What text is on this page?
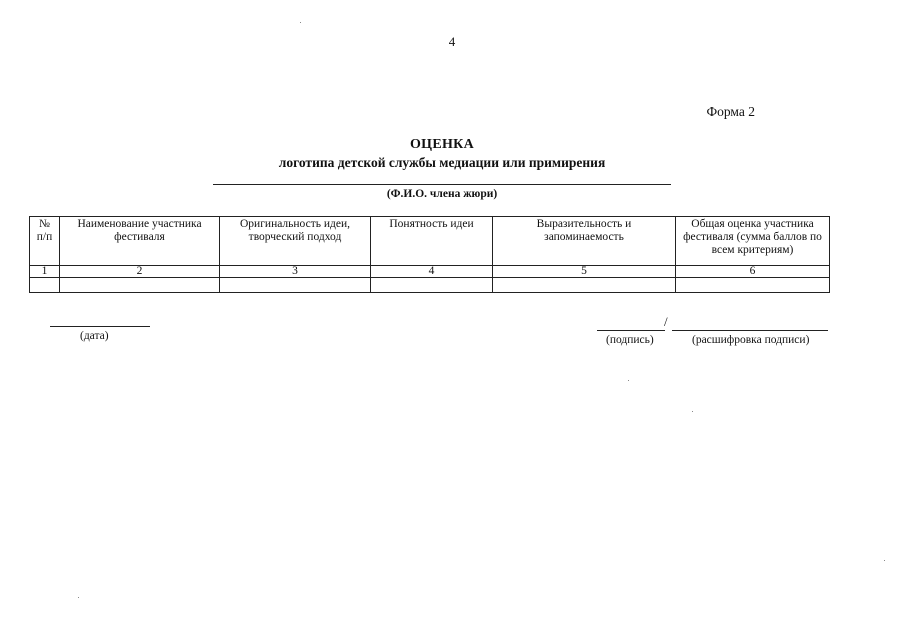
4
Форма 2
ОЦЕНКА
логотипа детской службы медиации или примирения
(Ф.И.О. члена жюри)
№ п/п	Наименование участника фестиваля	Оригинальность идеи, творческий подход	Понятность идеи	Выразительность и запоминаемость	Общая оценка участника фестиваля (сумма баллов по всем критериям)
1	2	3	4	5	6

(дата)
/
(подпись)	(расшифровка подписи)
